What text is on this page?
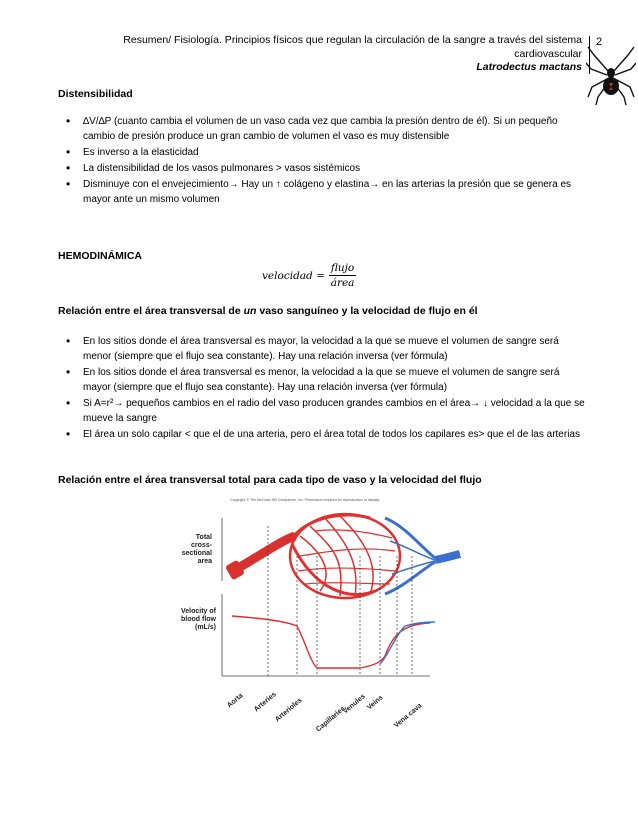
Resumen/ Fisiología. Principios físicos que regulan la circulación de la sangre a través del sistema
cardiovascular
Latrodectus mactans
2
Distensibilidad
• ∆V/∆P (cuanto cambia el volumen de un vaso cada vez que cambia la presión dentro de él). Si un pequeño cambio de presión produce un gran cambio de volumen el vaso es muy distensible
• Es inverso a la elasticidad
• La distensibilidad de los vasos pulmonares > vasos sistémicos
• Disminuye con el envejecimiento→ Hay un ↑ colágeno y elastina→ en las arterias la presión que se genera es mayor ante un mismo volumen
HEMODINÁMICA
velocidad = $\frac{\text{flujo}}{\text{área}}$
Relación entre el área transversal de un vaso sanguíneo y la velocidad de flujo en él
• En los sitios donde el área transversal es mayor, la velocidad a la que se mueve el volumen de sangre será menor (siempre que el flujo sea constante). Hay una relación inversa (ver fórmula)
• En los sitios donde el área transversal es menor, la velocidad a la que se mueve el volumen de sangre será mayor (siempre que el flujo sea constante). Hay una relación inversa (ver fórmula)
• Si A=r²→ pequeños cambios en el radio del vaso producen grandes cambios en el área→ ↓ velocidad a la que se mueve la sangre
• El área un solo capilar < que el de una arteria, pero el área total de todos los capilares es> que el de las arterias
Relación entre el área transversal total para cada tipo de vaso y la velocidad del flujo
Copyright © The McGraw-Hill Companies, Inc. Permission required for reproduction or display.
Total
cross-
sectional
area
Velocity of
blood flow
(mL/s)
Aorta Arteries
Arterioles Capillaries
Venules Veins Vena cava
